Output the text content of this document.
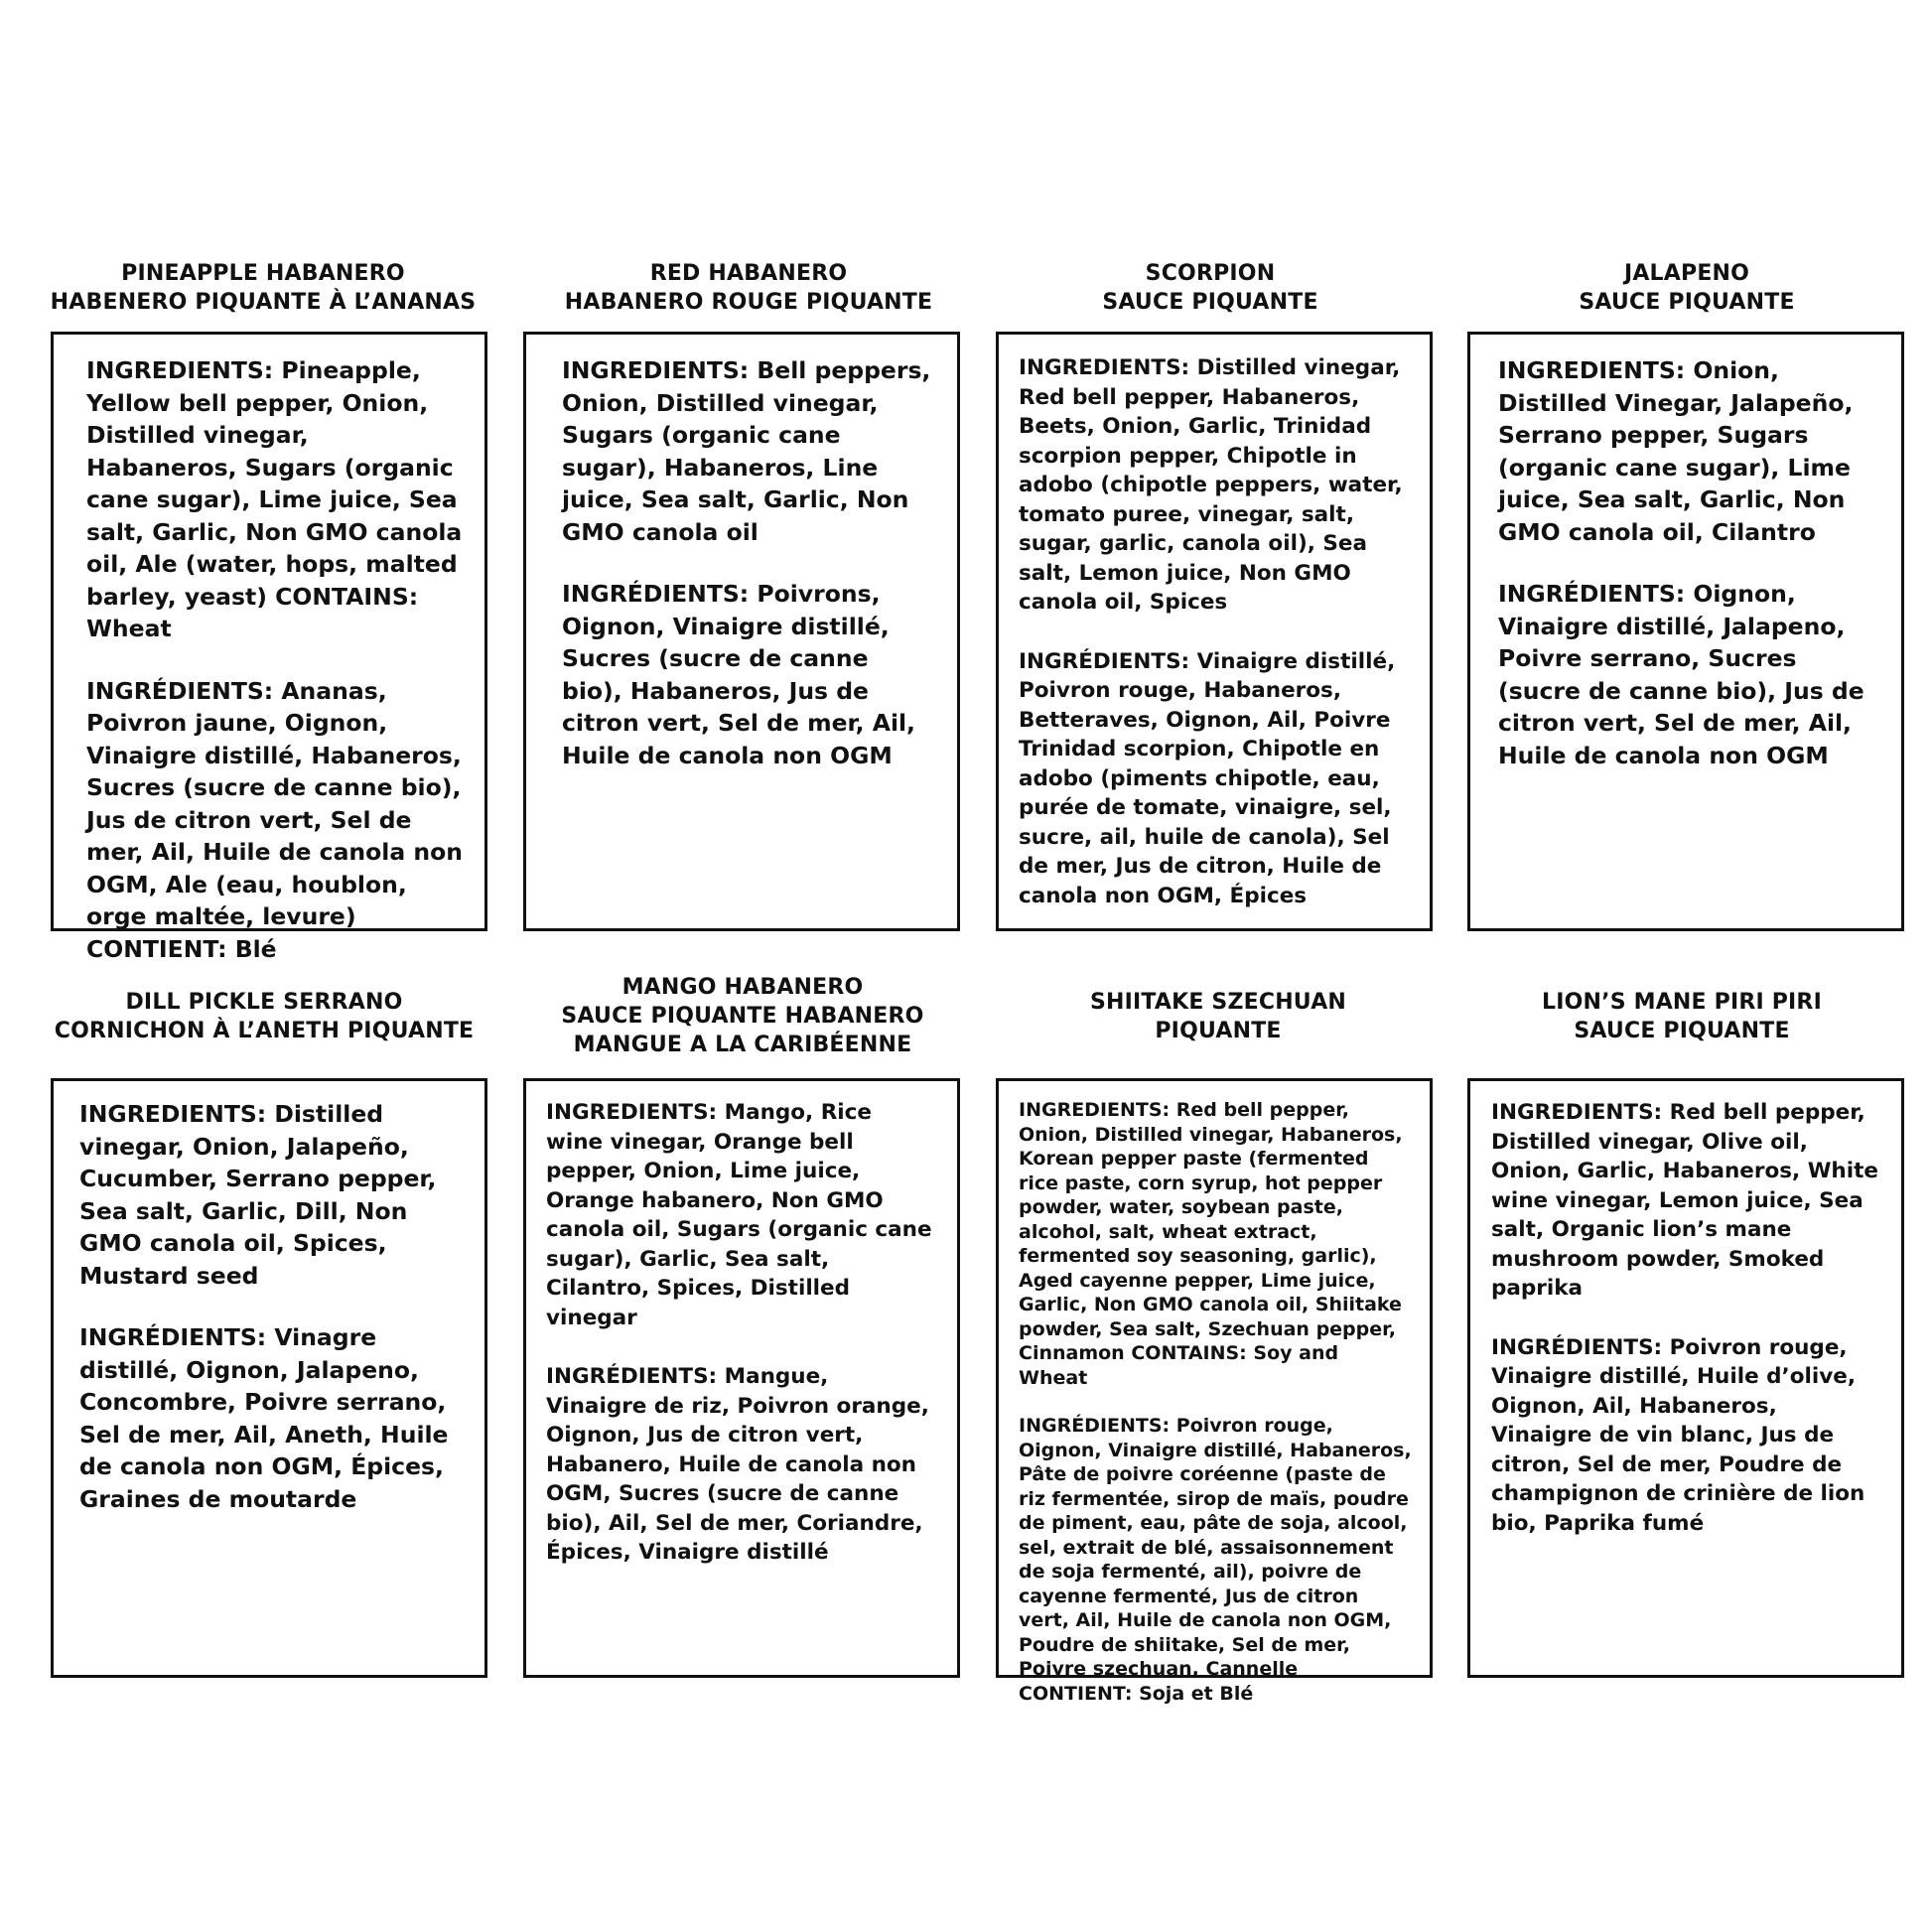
PINEAPPLE HABANERO
HABENERO PIQUANTE À L’ANANAS

INGREDIENTS: Pineapple, Yellow bell pepper, Onion, Distilled vinegar, Habaneros, Sugars (organic cane sugar), Lime juice, Sea salt, Garlic, Non GMO canola oil, Ale (water, hops, malted barley, yeast) CONTAINS: Wheat

INGRÉDIENTS: Ananas, Poivron jaune, Oignon, Vinaigre distillé, Habaneros, Sucres (sucre de canne bio), Jus de citron vert, Sel de mer, Ail, Huile de canola non OGM, Ale (eau, houblon, orge maltée, levure) CONTIENT: Blé

RED HABANERO
HABANERO ROUGE PIQUANTE

INGREDIENTS: Bell peppers, Onion, Distilled vinegar, Sugars (organic cane sugar), Habaneros, Line juice, Sea salt, Garlic, Non GMO canola oil

INGRÉDIENTS: Poivrons, Oignon, Vinaigre distillé, Sucres (sucre de canne bio), Habaneros, Jus de citron vert, Sel de mer, Ail, Huile de canola non OGM

SCORPION
SAUCE PIQUANTE

INGREDIENTS: Distilled vinegar, Red bell pepper, Habaneros, Beets, Onion, Garlic, Trinidad scorpion pepper, Chipotle in adobo (chipotle peppers, water, tomato puree, vinegar, salt, sugar, garlic, canola oil), Sea salt, Lemon juice, Non GMO canola oil, Spices

INGRÉDIENTS: Vinaigre distillé, Poivron rouge, Habaneros, Betteraves, Oignon, Ail, Poivre Trinidad scorpion, Chipotle en adobo (piments chipotle, eau, purée de tomate, vinaigre, sel, sucre, ail, huile de canola), Sel de mer, Jus de citron, Huile de canola non OGM, Épices

JALAPENO
SAUCE PIQUANTE

INGREDIENTS: Onion, Distilled Vinegar, Jalapeño, Serrano pepper, Sugars (organic cane sugar), Lime juice, Sea salt, Garlic, Non GMO canola oil, Cilantro

INGRÉDIENTS: Oignon, Vinaigre distillé, Jalapeno, Poivre serrano, Sucres (sucre de canne bio), Jus de citron vert, Sel de mer, Ail, Huile de canola non OGM

DILL PICKLE SERRANO
CORNICHON À L’ANETH PIQUANTE

INGREDIENTS: Distilled vinegar, Onion, Jalapeño, Cucumber, Serrano pepper, Sea salt, Garlic, Dill, Non GMO canola oil, Spices, Mustard seed

INGRÉDIENTS: Vinagre distillé, Oignon, Jalapeno, Concombre, Poivre serrano, Sel de mer, Ail, Aneth, Huile de canola non OGM, Épices, Graines de moutarde

MANGO HABANERO
SAUCE PIQUANTE HABANERO
MANGUE A LA CARIBÉENNE

INGREDIENTS: Mango, Rice wine vinegar, Orange bell pepper, Onion, Lime juice, Orange habanero, Non GMO canola oil, Sugars (organic cane sugar), Garlic, Sea salt, Cilantro, Spices, Distilled vinegar

INGRÉDIENTS: Mangue, Vinaigre de riz, Poivron orange, Oignon, Jus de citron vert, Habanero, Huile de canola non OGM, Sucres (sucre de canne bio), Ail, Sel de mer, Coriandre, Épices, Vinaigre distillé

SHIITAKE SZECHUAN
PIQUANTE

INGREDIENTS: Red bell pepper, Onion, Distilled vinegar, Habaneros, Korean pepper paste (fermented rice paste, corn syrup, hot pepper powder, water, soybean paste, alcohol, salt, wheat extract, fermented soy seasoning, garlic), Aged cayenne pepper, Lime juice, Garlic, Non GMO canola oil, Shiitake powder, Sea salt, Szechuan pepper, Cinnamon CONTAINS: Soy and Wheat

INGRÉDIENTS: Poivron rouge, Oignon, Vinaigre distillé, Habaneros, Pâte de poivre coréenne (paste de riz fermentée, sirop de maïs, poudre de piment, eau, pâte de soja, alcool, sel, extrait de blé, assaisonnement de soja fermenté, ail), poivre de cayenne fermenté, Jus de citron vert, Ail, Huile de canola non OGM, Poudre de shiitake, Sel de mer, Poivre szechuan, Cannelle CONTIENT: Soja et Blé

LION’S MANE PIRI PIRI
SAUCE PIQUANTE

INGREDIENTS: Red bell pepper, Distilled vinegar, Olive oil, Onion, Garlic, Habaneros, White wine vinegar, Lemon juice, Sea salt, Organic lion’s mane mushroom powder, Smoked paprika

INGRÉDIENTS: Poivron rouge, Vinaigre distillé, Huile d’olive, Oignon, Ail, Habaneros, Vinaigre de vin blanc, Jus de citron, Sel de mer, Poudre de champignon de crinière de lion bio, Paprika fumé
